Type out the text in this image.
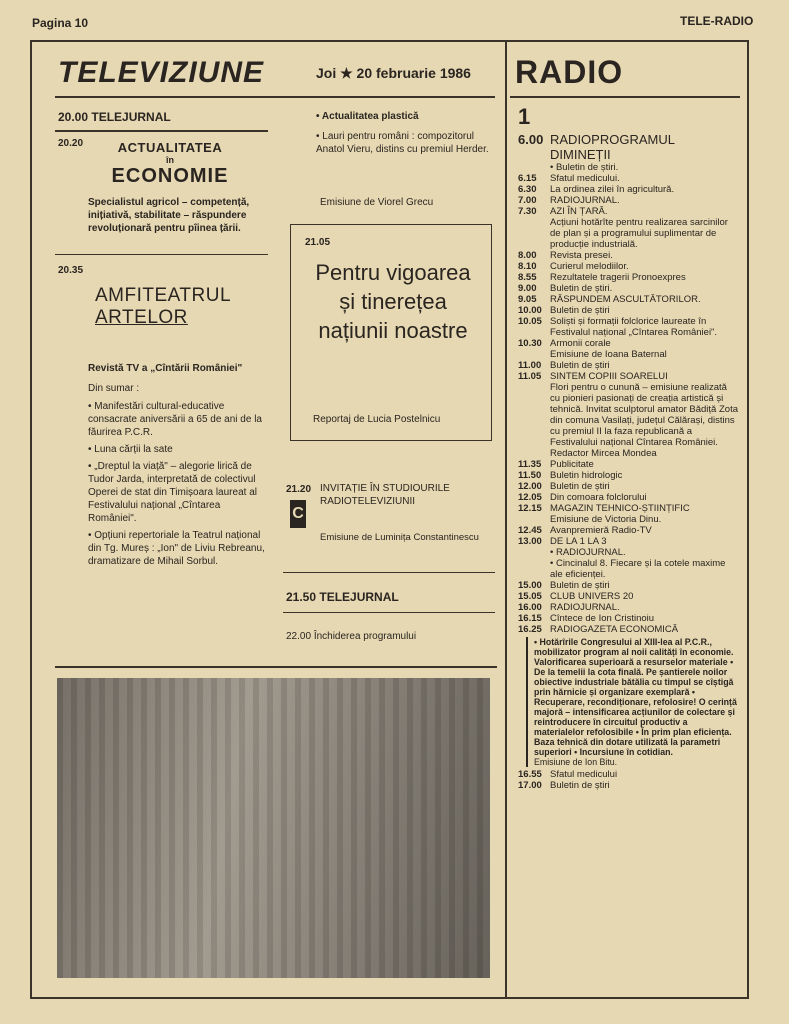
Pagina 10	TELE-RADIO
TELEVIZIUNE	Joi ★ 20 februarie 1986
20.00 TELEJURNAL
20.20	ACTUALITATEA
în
ECONOMIE
Specialistul agricol – competență, inițiativă, stabilitate – răspundere revoluționară pentru pîinea țării.
20.35
AMFITEATRUL
ARTELOR
Revistă TV a „Cîntării României"
Din sumar :
• Manifestări cultural-educative consacrate aniversării a 65 de ani de la făurirea P.C.R.
• Luna cărții la sate
• „Dreptul la viață" – alegorie lirică de Tudor Jarda, interpretată de colectivul Operei de stat din Timișoara laureat al Festivalului național „Cîntarea României".
• Opțiuni repertoriale la Teatrul național din Tg. Mureș : „Ion" de Liviu Rebreanu, dramatizare de Mihail Sorbul.
• Actualitatea plastică
• Lauri pentru români : compozitorul Anatol Vieru, distins cu premiul Herder.
Emisiune de Viorel Grecu
21.05
Pentru vigoarea și tinerețea națiunii noastre
Reportaj de Lucia Postelnicu
21.20
C
INVITAȚIE ÎN STUDIOURILE RADIOTELEVIZIUNII
Emisiune de Luminița Constantinescu
21.50 TELEJURNAL
22.00 Închiderea programului
RADIO
1
6.00 RADIOPROGRAMUL DIMINEȚII
• Buletin de știri.
6.15	Sfatul medicului.
6.30	La ordinea zilei în agricultură.
7.00	RADIOJURNAL.
7.30	AZI ÎN ȚARĂ.
Acțiuni hotărîte pentru realizarea sarcinilor de plan și a programului suplimentar de producție industrială.
8.00	Revista presei.
8.10	Curierul melodiilor.
8.55	Rezultatele tragerii Pronoexpres
9.00	Buletin de știri.
9.05	RĂSPUNDEM ASCULTĂTORILOR.
10.00 Buletin de știri
10.05 Soliști și formații folclorice laureate în Festivalul național „Cîntarea României".
10.30 Armonii corale
Emisiune de Ioana Baternal
11.00 Buletin de știri
11.05 SINTEM COPIII SOARELUI
Flori pentru o cunună – emisiune realizată cu pionieri pasionați de creația artistică și tehnică. Invitat sculptorul amator Bădiță Zota din comuna Vasilați, județul Călărași, distins cu premiul II la faza republicană a Festivalului național Cîntarea României. Redactor Mircea Mondea
11.35 Publicitate
11.50 Buletin hidrologic
12.00 Buletin de știri
12.05 Din comoara folclorului
12.15 MAGAZIN TEHNICO-ȘTIINȚIFIC
Emisiune de Victoria Dinu.
12.45 Avanpremieră Radio-TV
13.00 DE LA 1 LA 3
• RADIOJURNAL.
• Cincinalul 8. Fiecare și la cotele maxime ale eficienței.
15.00 Buletin de știri
15.05 CLUB UNIVERS 20
16.00 RADIOJURNAL.
16.15 Cîntece de Ion Cristinoiu
16.25 RADIOGAZETA ECONOMICĂ
• Hotărîrile Congresului al XIII-lea al P.C.R., mobilizator program al noii calități în economie. Valorificarea superioară a resurselor materiale • De la temelii la cota finală. Pe șantierele noilor obiective industriale bătălia cu timpul se cîștigă prin hărnicie și organizare exemplară • Recuperare, recondiționare, refolosire! O cerință majoră – intensificarea acțiunilor de colectare și reintroducere în circuitul productiv a materialelor refolosibile • În prim plan eficiența. Baza tehnică din dotare utilizată la parametri superiori • Incursiune în cotidian.
Emisiune de Ion Bitu.
16.55 Sfatul medicului
17.00 Buletin de știri
